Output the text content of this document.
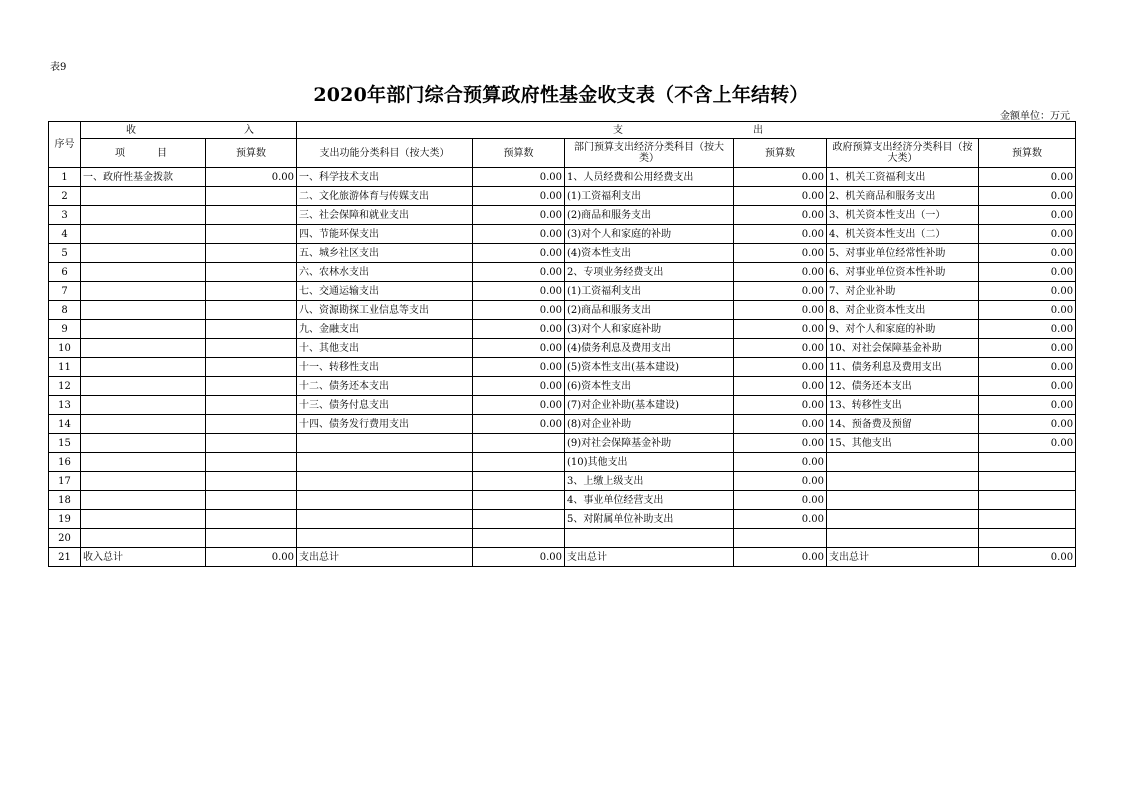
表9
2020年部门综合预算政府性基金收支表（不含上年结转）
金额单位：万元
序号	收 入		支 出					

	项　　目	预算数	支出功能分类科目（按大类）	预算数	部门预算支出经济分类科目（按大类）	预算数	政府预算支出经济分类科目（按大类）	预算数
1	一、政府性基金拨款	0.00	一、科学技术支出	0.00	1、人员经费和公用经费支出	0.00	1、机关工资福利支出	0.00
2			二、文化旅游体育与传媒支出	0.00	(1)工资福利支出	0.00	2、机关商品和服务支出	0.00
3			三、社会保障和就业支出	0.00	(2)商品和服务支出	0.00	3、机关资本性支出（一）	0.00
4			四、节能环保支出	0.00	(3)对个人和家庭的补助	0.00	4、机关资本性支出（二）	0.00
5			五、城乡社区支出	0.00	(4)资本性支出	0.00	5、对事业单位经常性补助	0.00
6			六、农林水支出	0.00	2、专项业务经费支出	0.00	6、对事业单位资本性补助	0.00
7			七、交通运输支出	0.00	(1)工资福利支出	0.00	7、对企业补助	0.00
8			八、资源勘探工业信息等支出	0.00	(2)商品和服务支出	0.00	8、对企业资本性支出	0.00
9			九、金融支出	0.00	(3)对个人和家庭补助	0.00	9、对个人和家庭的补助	0.00
10			十、其他支出	0.00	(4)债务利息及费用支出	0.00	10、对社会保障基金补助	0.00
11			十一、转移性支出	0.00	(5)资本性支出(基本建设)	0.00	11、债务利息及费用支出	0.00
12			十二、债务还本支出	0.00	(6)资本性支出	0.00	12、债务还本支出	0.00
13			十三、债务付息支出	0.00	(7)对企业补助(基本建设)	0.00	13、转移性支出	0.00
14			十四、债务发行费用支出	0.00	(8)对企业补助	0.00	14、预备费及预留	0.00
15					(9)对社会保障基金补助	0.00	15、其他支出	0.00
16					(10)其他支出	0.00		
17					3、上缴上级支出	0.00		
18					4、事业单位经营支出	0.00		
19					5、对附属单位补助支出	0.00		
20								
21	收入总计	0.00	支出总计	0.00	支出总计	0.00	支出总计	0.00
